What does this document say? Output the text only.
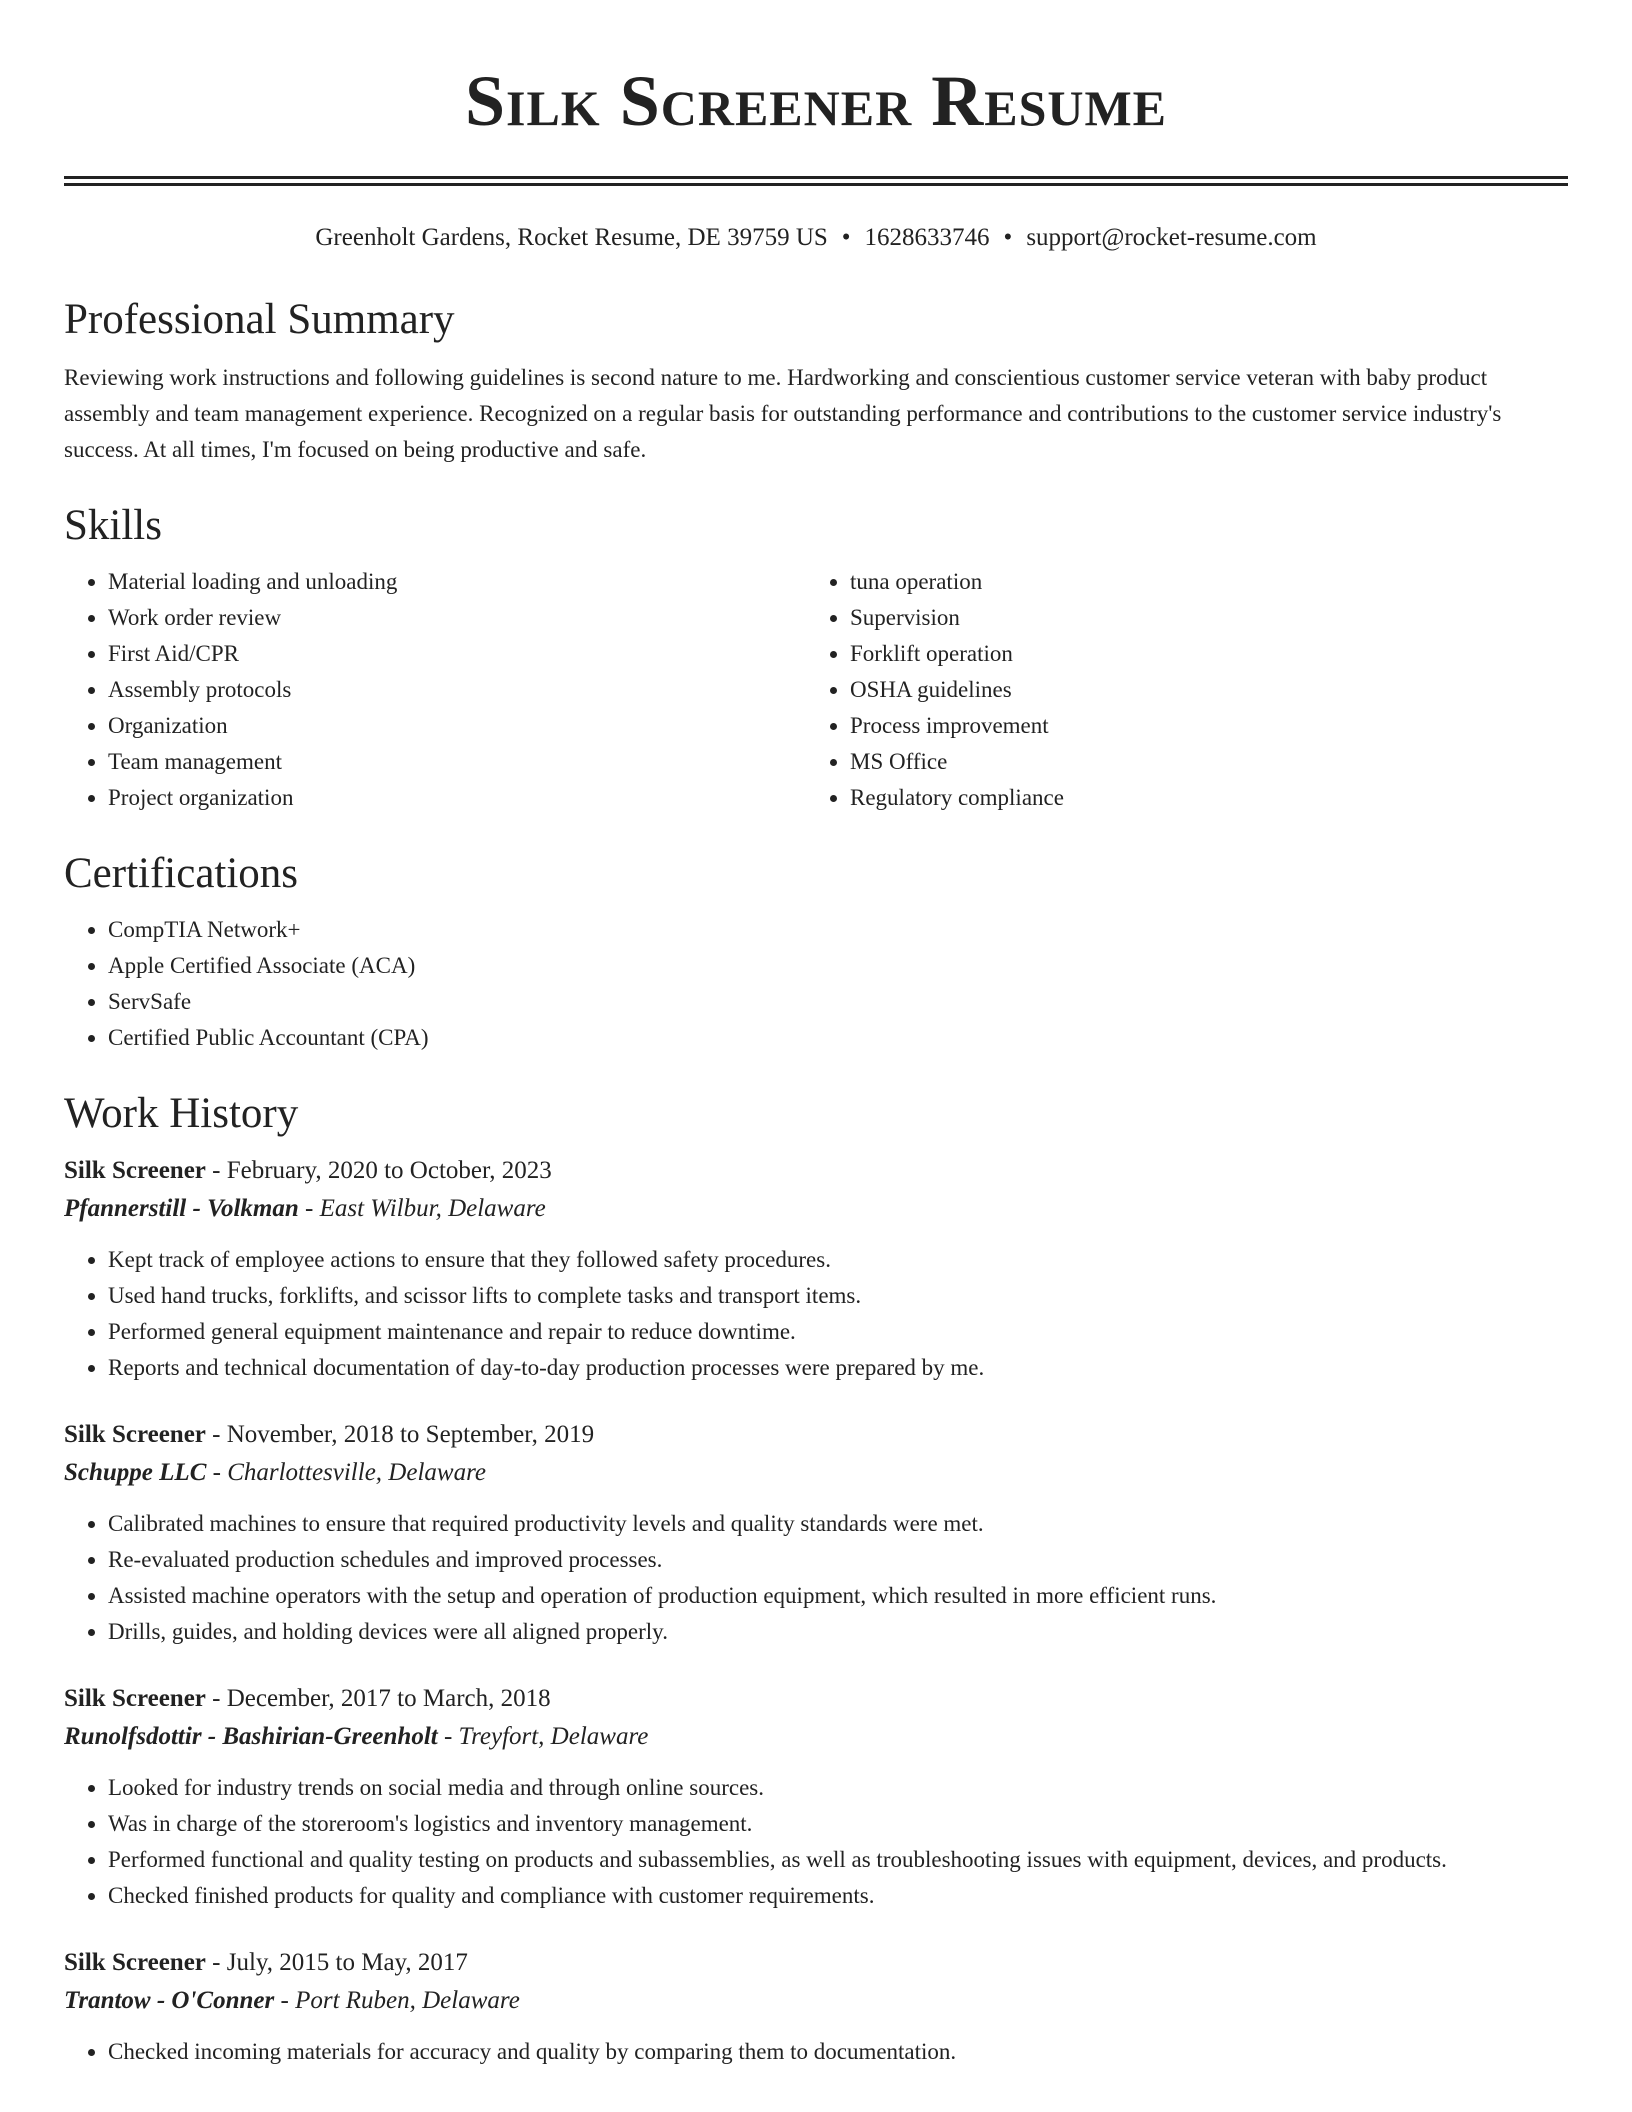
Silk Screener Resume
Greenholt Gardens, Rocket Resume, DE 39759 US • 1628633746 • support@rocket-resume.com
Professional Summary

Reviewing work instructions and following guidelines is second nature to me. Hardworking and conscientious customer service veteran with baby product assembly and team management experience. Recognized on a regular basis for outstanding performance and contributions to the customer service industry's success. At all times, I'm focused on being productive and safe.

Skills
• Material loading and unloading
• Work order review
• First Aid/CPR
• Assembly protocols
• Organization
• Team management
• Project organization
• tuna operation
• Supervision
• Forklift operation
• OSHA guidelines
• Process improvement
• MS Office
• Regulatory compliance
Certifications
• CompTIA Network+
• Apple Certified Associate (ACA)
• ServSafe
• Certified Public Accountant (CPA)
Work History
Silk Screener - February, 2020 to October, 2023
Pfannerstill - Volkman - East Wilbur, Delaware
• Kept track of employee actions to ensure that they followed safety procedures.
• Used hand trucks, forklifts, and scissor lifts to complete tasks and transport items.
• Performed general equipment maintenance and repair to reduce downtime.
• Reports and technical documentation of day-to-day production processes were prepared by me.
Silk Screener - November, 2018 to September, 2019
Schuppe LLC - Charlottesville, Delaware
• Calibrated machines to ensure that required productivity levels and quality standards were met.
• Re-evaluated production schedules and improved processes.
• Assisted machine operators with the setup and operation of production equipment, which resulted in more efficient runs.
• Drills, guides, and holding devices were all aligned properly.
Silk Screener - December, 2017 to March, 2018
Runolfsdottir - Bashirian-Greenholt - Treyfort, Delaware
• Looked for industry trends on social media and through online sources.
• Was in charge of the storeroom's logistics and inventory management.
• Performed functional and quality testing on products and subassemblies, as well as troubleshooting issues with equipment, devices, and products.
• Checked finished products for quality and compliance with customer requirements.
Silk Screener - July, 2015 to May, 2017
Trantow - O'Conner - Port Ruben, Delaware
• Checked incoming materials for accuracy and quality by comparing them to documentation.
